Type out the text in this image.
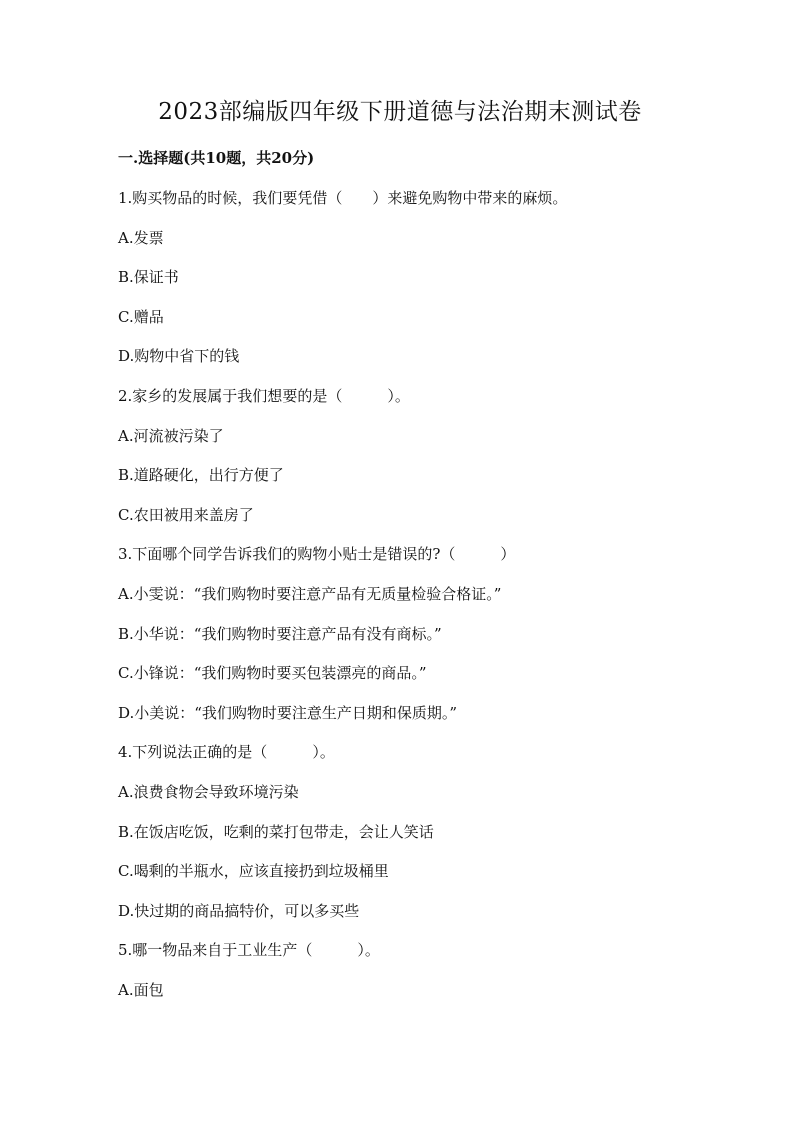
2023部编版四年级下册道德与法治期末测试卷

一.选择题(共10题，共20分)

1.购买物品的时候，我们要凭借（　　）来避免购物中带来的麻烦。

A.发票

B.保证书

C.赠品

D.购物中省下的钱

2.家乡的发展属于我们想要的是（　　　）。

A.河流被污染了

B.道路硬化，出行方便了

C.农田被用来盖房了

3.下面哪个同学告诉我们的购物小贴士是错误的?（　　　）

A.小雯说：“我们购物时要注意产品有无质量检验合格证。”

B.小华说：“我们购物时要注意产品有没有商标。”

C.小锋说：“我们购物时要买包装漂亮的商品。”

D.小美说：“我们购物时要注意生产日期和保质期。”

4.下列说法正确的是（　　　）。

A.浪费食物会导致环境污染

B.在饭店吃饭，吃剩的菜打包带走，会让人笑话

C.喝剩的半瓶水，应该直接扔到垃圾桶里

D.快过期的商品搞特价，可以多买些

5.哪一物品来自于工业生产（　　　）。

A.面包
